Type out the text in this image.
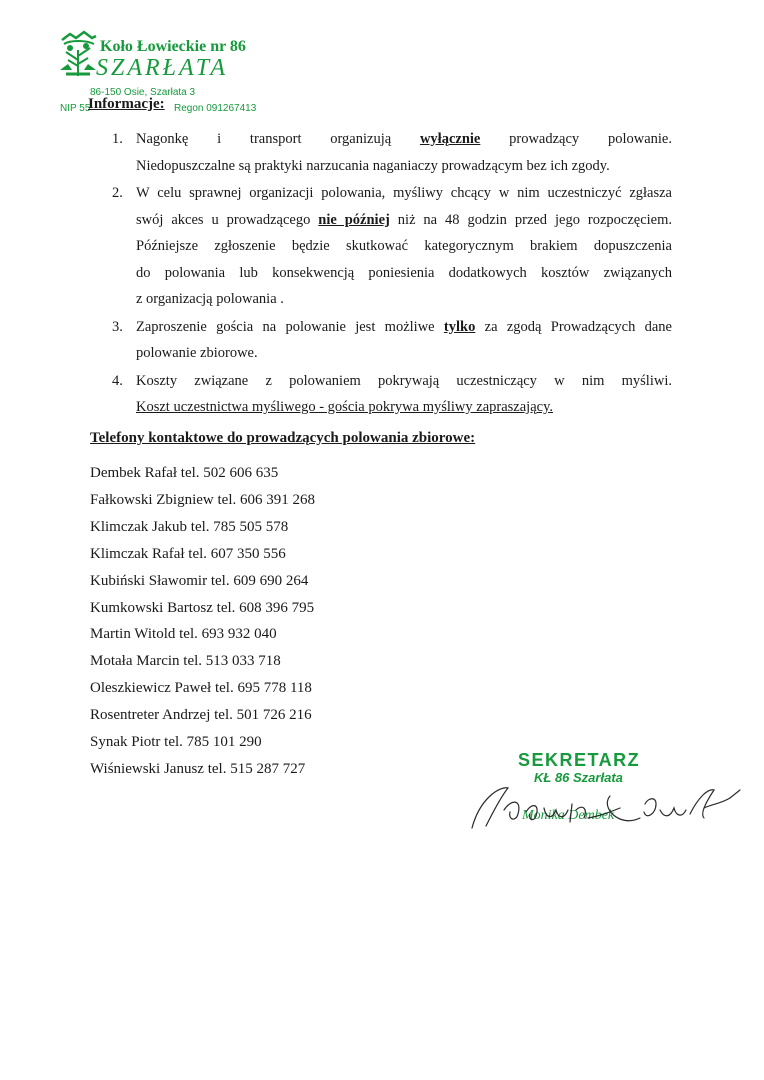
Koło Łowieckie nr 86
SZARŁATA
86-150 Osie, Szarłata 3
NIP 55	Regon 091267413
Informacje:
1. Nagonkę i transport organizują wyłącznie prowadzący polowanie.

Niedopuszczalne są praktyki narzucania naganiaczy prowadzącym bez ich zgody.

2. W celu sprawnej organizacji polowania, myśliwy chcący w nim uczestniczyć zgłasza

swój akces u prowadzącego nie później niż na 48 godzin przed jego rozpoczęciem.

Późniejsze zgłoszenie będzie skutkować kategorycznym brakiem dopuszczenia

do polowania lub konsekwencją poniesienia dodatkowych kosztów związanych

z organizacją polowania .

3. Zaproszenie gościa na polowanie jest możliwe tylko za zgodą Prowadzących dane

polowanie zbiorowe.

4. Koszty związane z polowaniem pokrywają uczestniczący w nim myśliwi.

Koszt uczestnictwa myśliwego - gościa pokrywa myśliwy zapraszający.

Telefony kontaktowe do prowadzących polowania zbiorowe:
Dembek Rafał tel. 502 606 635
Fałkowski Zbigniew tel. 606 391 268
Klimczak Jakub tel. 785 505 578
Klimczak Rafał tel. 607 350 556
Kubiński Sławomir tel. 609 690 264
Kumkowski Bartosz tel. 608 396 795
Martin Witold tel. 693 932 040
Motała Marcin tel. 513 033 718
Oleszkiewicz Paweł tel. 695 778 118
Rosentreter Andrzej tel. 501 726 216
Synak Piotr tel. 785 101 290
Wiśniewski Janusz tel. 515 287 727	SEKRETARZ
KŁ 86 Szarłata
Monika Dembek
